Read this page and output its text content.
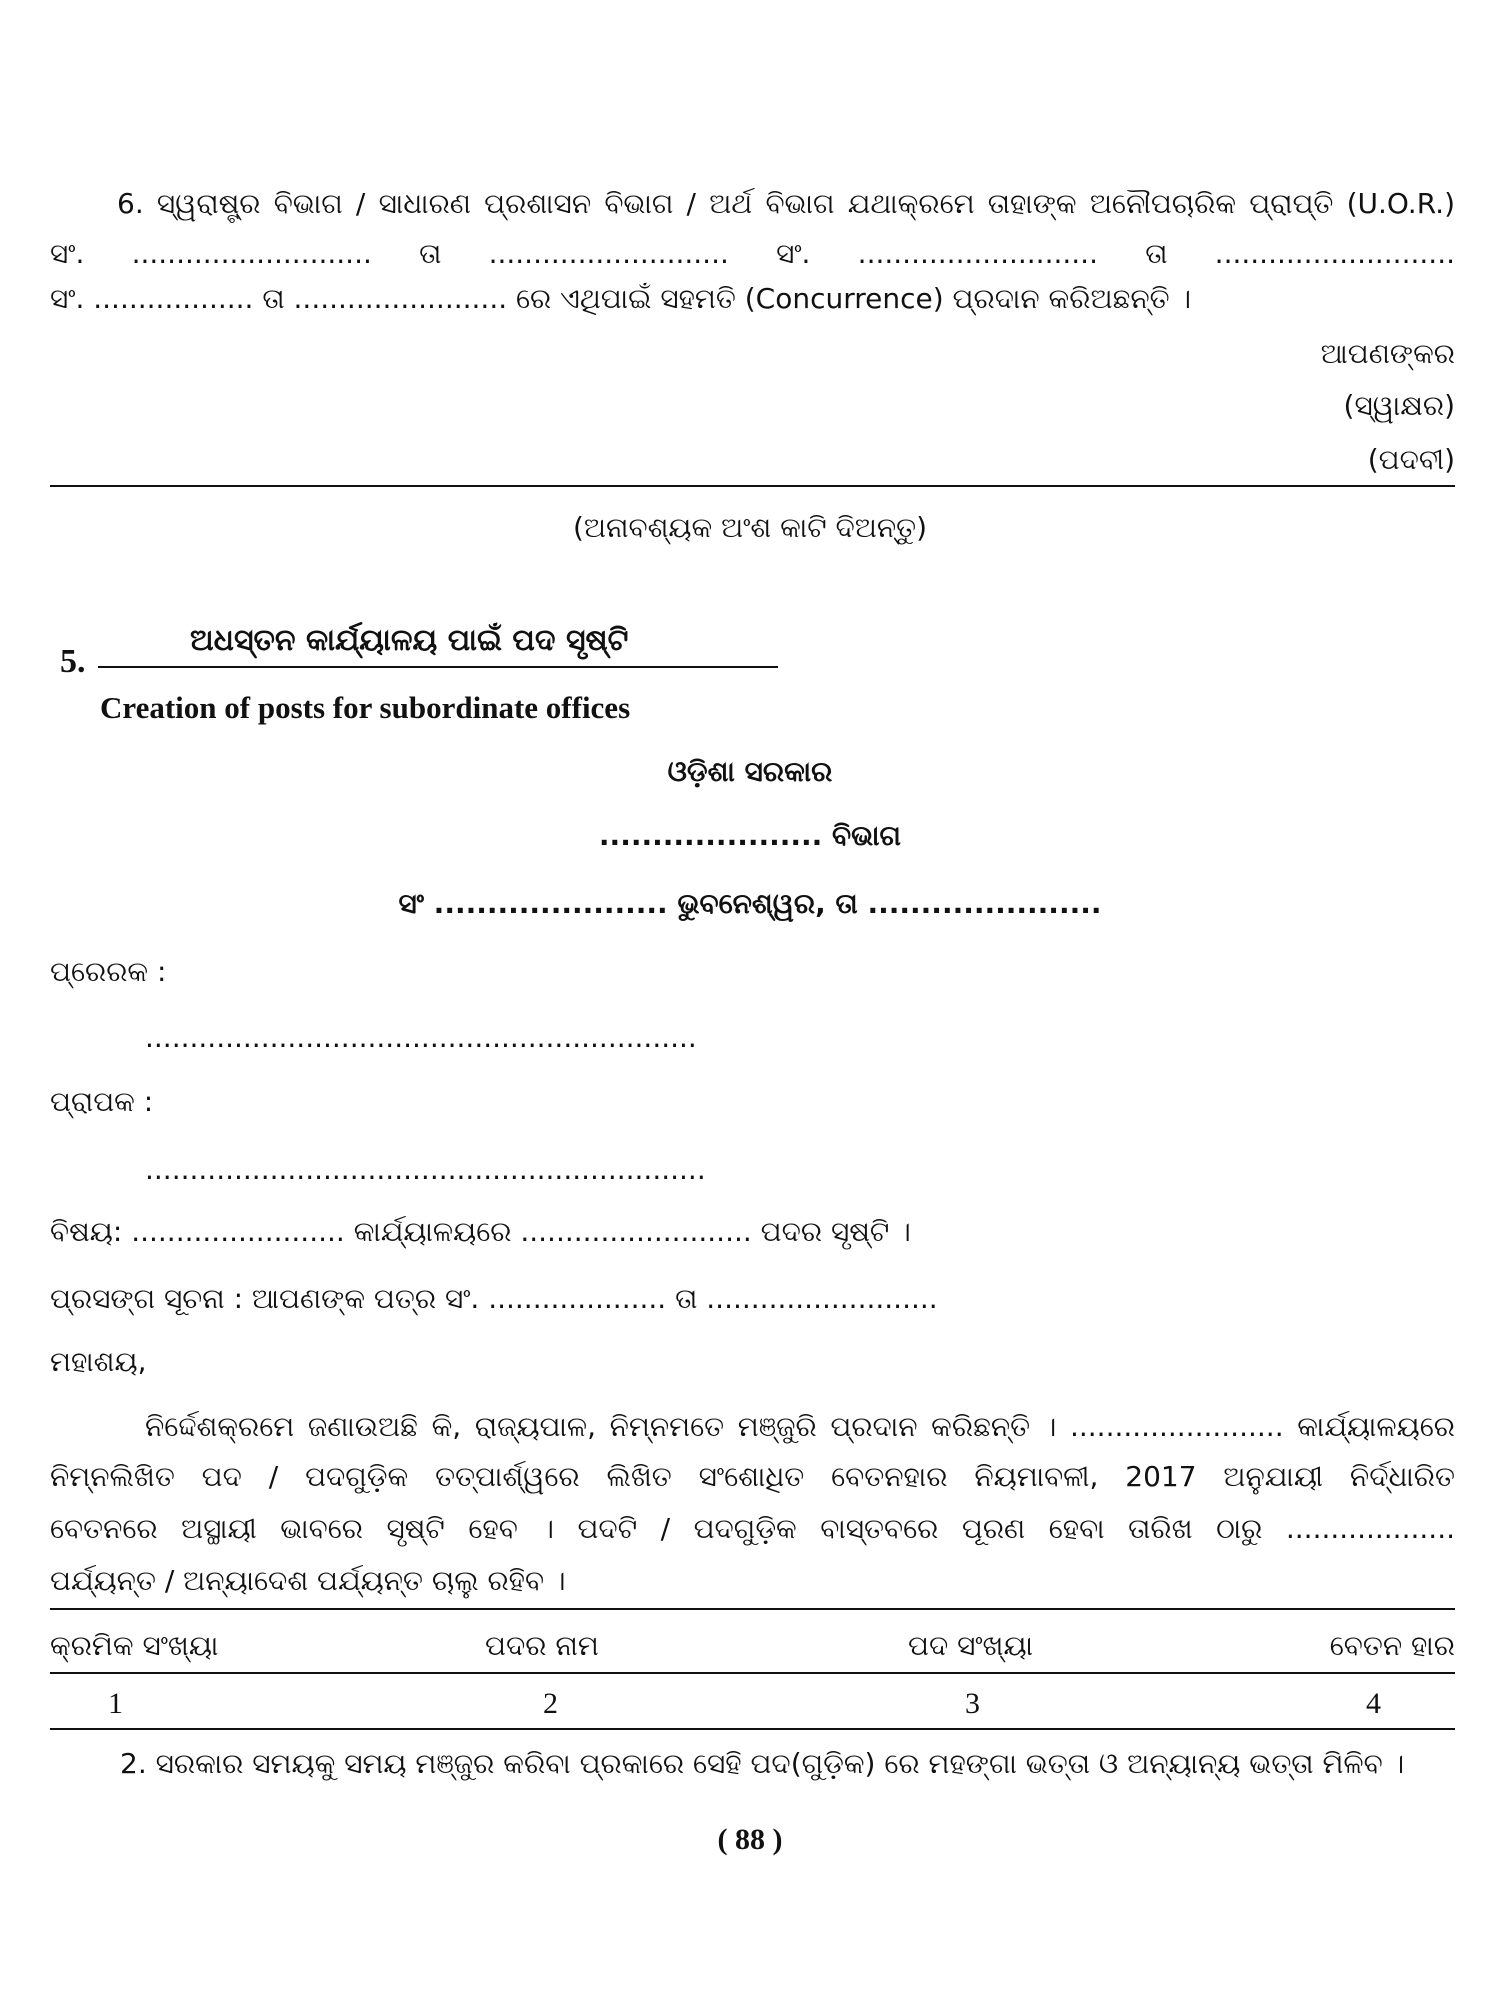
6. ସ୍ୱରାଷ୍ଟ୍ର ବିଭାଗ / ସାଧାରଣ ପ୍ରଶାସନ ବିଭାଗ / ଅର୍ଥ ବିଭାଗ ଯଥାକ୍ରମେ ତାହାଙ୍କ ଅନୌପଚାରିକ ପ୍ରାପ୍ତି (U.O.R.)
ସଂ. ........................... ତା ........................... ସଂ. ........................... ତା ...........................
ସଂ. .................. ତା ........................ ରେ ଏଥିପାଇଁ ସହମତି (Concurrence) ପ୍ରଦାନ କରିଅଛନ୍ତି ।
ଆପଣଙ୍କର
(ସ୍ୱାକ୍ଷର)
(ପଦବୀ)
(ଅନାବଶ୍ୟକ ଅଂଶ କାଟି ଦିଅନ୍ତୁ)
5.
ଅଧସ୍ତନ କାର୍ଯ୍ୟାଳୟ ପାଇଁ ପଦ ସୃଷ୍ଟି
Creation of posts for subordinate offices
ଓଡ଼ିଶା ସରକାର
..................... ବିଭାଗ
ସଂ ...................... ଭୁବନେଶ୍ୱର, ତା ......................
ପ୍ରେରକ :
..............................................................
ପ୍ରାପକ :
...............................................................
ବିଷୟ: ........................ କାର୍ଯ୍ୟାଳୟରେ .......................... ପଦର ସୃଷ୍ଟି ।
ପ୍ରସଙ୍ଗ ସୂଚନା : ଆପଣଙ୍କ ପତ୍ର ସଂ. .................... ତା ..........................
ମହାଶୟ,
ନିର୍ଦ୍ଦେଶକ୍ରମେ ଜଣାଉଅଛି କି, ରାଜ୍ୟପାଳ, ନିମ୍ନମତେ ମଞ୍ଜୁରି ପ୍ରଦାନ କରିଛନ୍ତି । ........................ କାର୍ଯ୍ୟାଳୟରେ
ନିମ୍ନଲିଖିତ ପଦ / ପଦଗୁଡ଼ିକ ତତ୍‌ପାର୍ଶ୍ୱରେ ଲିଖିତ ସଂଶୋଧିତ ବେତନହାର ନିୟମାବଳୀ, 2017 ଅନୁଯାୟୀ ନିର୍ଦ୍ଧାରିତ
ବେତନରେ ଅସ୍ଥାୟୀ ଭାବରେ ସୃଷ୍ଟି ହେବ । ପଦଟି / ପଦଗୁଡ଼ିକ ବାସ୍ତବରେ ପୂରଣ ହେବା ତାରିଖ ଠାରୁ ...................
ପର୍ଯ୍ୟନ୍ତ / ଅନ୍ୟାଦେଶ ପର୍ଯ୍ୟନ୍ତ ଚାଲୁ ରହିବ ।
କ୍ରମିକ ସଂଖ୍ୟା	ପଦର ନାମ	ପଦ ସଂଖ୍ୟା	ବେତନ ହାର
1	2	3	4
2. ସରକାର ସମୟକୁ ସମୟ ମଞ୍ଜୁର କରିବା ପ୍ରକାରେ ସେହି ପଦ(ଗୁଡ଼ିକ) ରେ ମହଙ୍ଗା ଭତ୍ତା ଓ ଅନ୍ୟାନ୍ୟ ଭତ୍ତା ମିଳିବ ।
( 88 )
